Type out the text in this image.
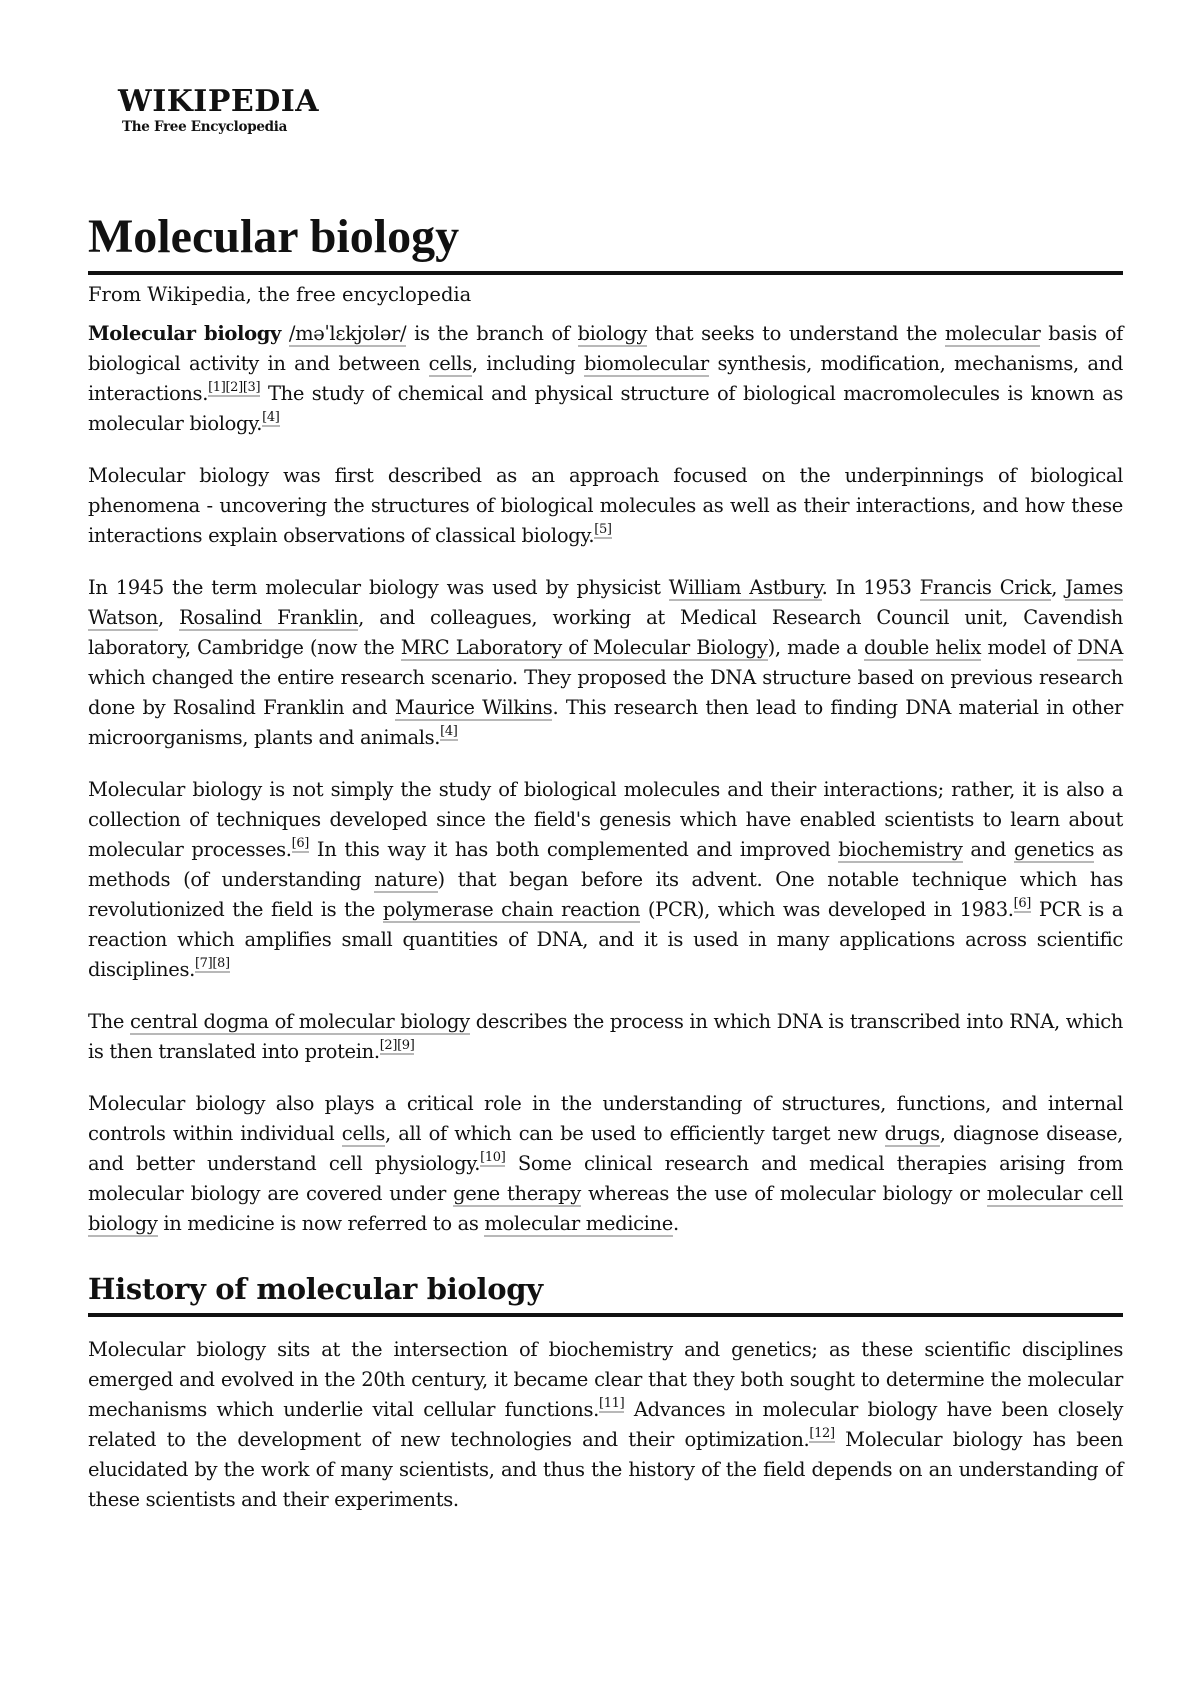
WIKIPEDIA
The Free Encyclopedia
Molecular biology
From Wikipedia, the free encyclopedia

Molecular biology /məˈlɛkjʊlər/ is the branch of biology that seeks to understand the molecular basis of biological activity in and between cells, including biomolecular synthesis, modification, mechanisms, and interactions.[1][2][3] The study of chemical and physical structure of biological macromolecules is known as molecular biology.[4]

Molecular biology was first described as an approach focused on the underpinnings of biological phenomena - uncovering the structures of biological molecules as well as their interactions, and how these interactions explain observations of classical biology.[5]

In 1945 the term molecular biology was used by physicist William Astbury. In 1953 Francis Crick, James Watson, Rosalind Franklin, and colleagues, working at Medical Research Council unit, Cavendish laboratory, Cambridge (now the MRC Laboratory of Molecular Biology), made a double helix model of DNA which changed the entire research scenario. They proposed the DNA structure based on previous research done by Rosalind Franklin and Maurice Wilkins. This research then lead to finding DNA material in other microorganisms, plants and animals.[4]

Molecular biology is not simply the study of biological molecules and their interactions; rather, it is also a collection of techniques developed since the field's genesis which have enabled scientists to learn about molecular processes.[6] In this way it has both complemented and improved biochemistry and genetics as methods (of understanding nature) that began before its advent. One notable technique which has revolutionized the field is the polymerase chain reaction (PCR), which was developed in 1983.[6] PCR is a reaction which amplifies small quantities of DNA, and it is used in many applications across scientific disciplines.[7][8]

The central dogma of molecular biology describes the process in which DNA is transcribed into RNA, which is then translated into protein.[2][9]

Molecular biology also plays a critical role in the understanding of structures, functions, and internal controls within individual cells, all of which can be used to efficiently target new drugs, diagnose disease, and better understand cell physiology.[10] Some clinical research and medical therapies arising from molecular biology are covered under gene therapy whereas the use of molecular biology or molecular cell biology in medicine is now referred to as molecular medicine.

History of molecular biology

Molecular biology sits at the intersection of biochemistry and genetics; as these scientific disciplines emerged and evolved in the 20th century, it became clear that they both sought to determine the molecular mechanisms which underlie vital cellular functions.[11] Advances in molecular biology have been closely related to the development of new technologies and their optimization.[12] Molecular biology has been elucidated by the work of many scientists, and thus the history of the field depends on an understanding of these scientists and their experiments.
